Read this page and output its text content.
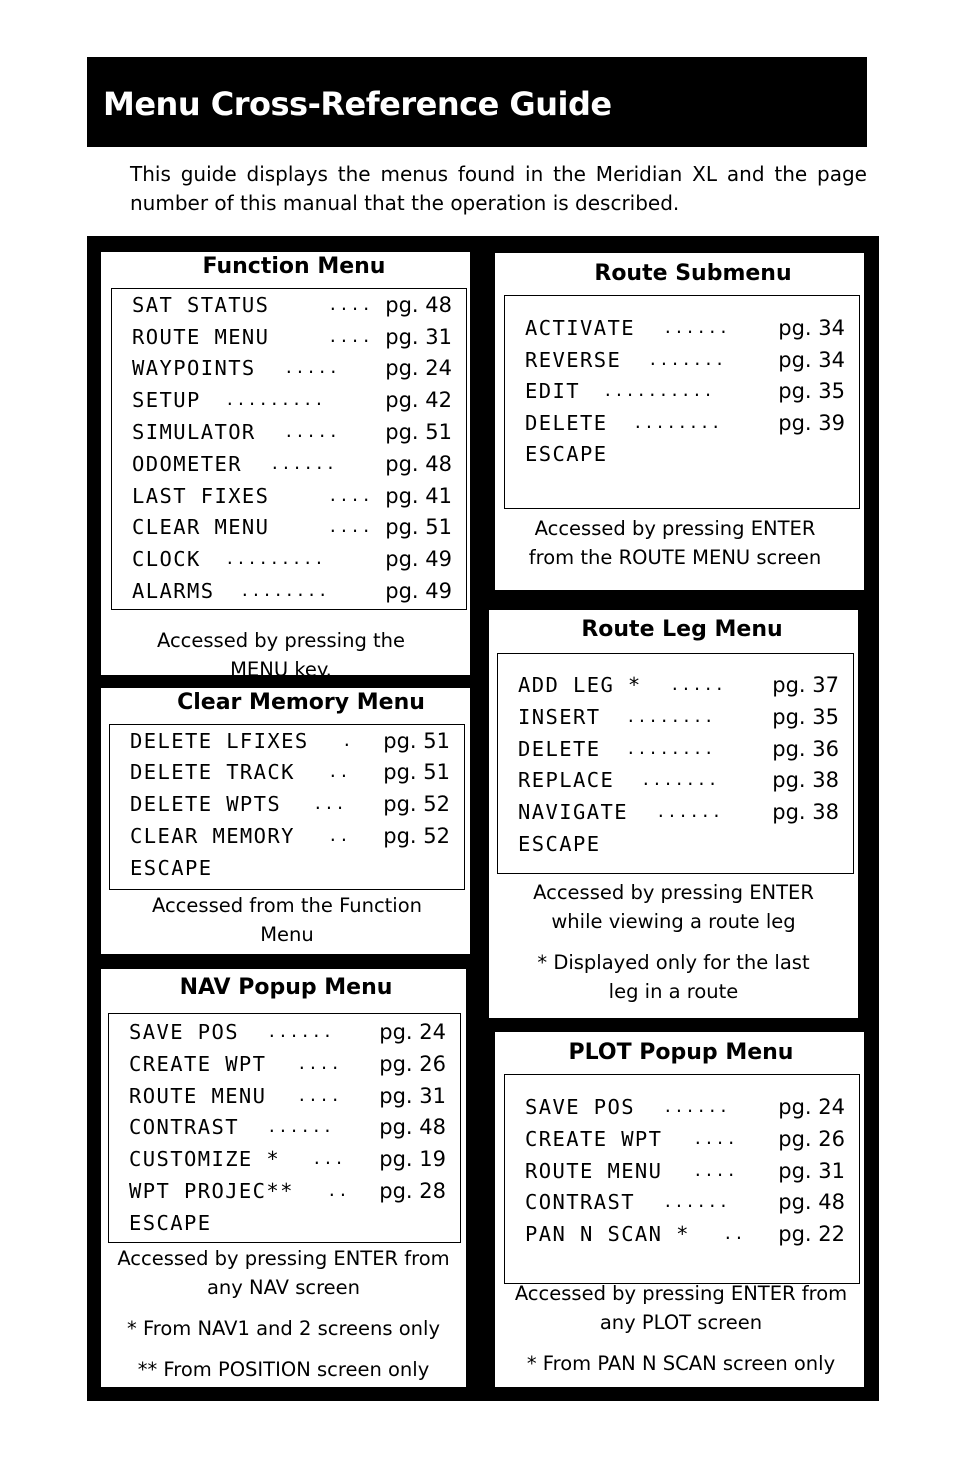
Menu Cross-Reference Guide

This guide displays the menus found in the Meridian XL and the page number of this manual that the operation is described.

Function Menu
SAT STATUS	.... pg. 48
ROUTE MENU	.... pg. 31
WAYPOINTS ..... pg. 24
SETUP .........	pg. 42
SIMULATOR ..... pg. 51
ODOMETER ...... pg. 48
LAST FIXES	.... pg. 41
CLEAR MENU	.... pg. 51
CLOCK .........	pg. 49
ALARMS ........	pg. 49
Accessed by pressing the
MENU key.
Clear Memory Menu
DELETE LFIXES . pg. 51
DELETE TRACK .. pg. 51
DELETE WPTS ... pg. 52
CLEAR MEMORY .. pg. 52
ESCAPE
Accessed from the Function
Menu
NAV Popup Menu
SAVE POS ...... pg. 24
CREATE WPT .... pg. 26
ROUTE MENU .... pg. 31
CONTRAST ...... pg. 48
CUSTOMIZE * ... pg. 19
WPT PROJEC** .. pg. 28
ESCAPE
Accessed by pressing ENTER from
any NAV screen
* From NAV1 and 2 screens only
** From POSITION screen only
Route Submenu
ACTIVATE ...... pg. 34
REVERSE ....... pg. 34
EDIT ..........	pg. 35
DELETE ........	pg. 39
ESCAPE
Accessed by pressing ENTER
from the ROUTE MENU screen
Route Leg Menu
ADD LEG * ..... pg. 37
INSERT ........	pg. 35
DELETE ........	pg. 36
REPLACE .......	pg. 38
NAVIGATE ...... pg. 38
ESCAPE
Accessed by pressing ENTER
while viewing a route leg
* Displayed only for the last
leg in a route
PLOT Popup Menu
SAVE POS ...... pg. 24
CREATE WPT .... pg. 26
ROUTE MENU .... pg. 31
CONTRAST ...... pg. 48
PAN N SCAN * .. pg. 22
Accessed by pressing ENTER from
any PLOT screen
* From PAN N SCAN screen only
